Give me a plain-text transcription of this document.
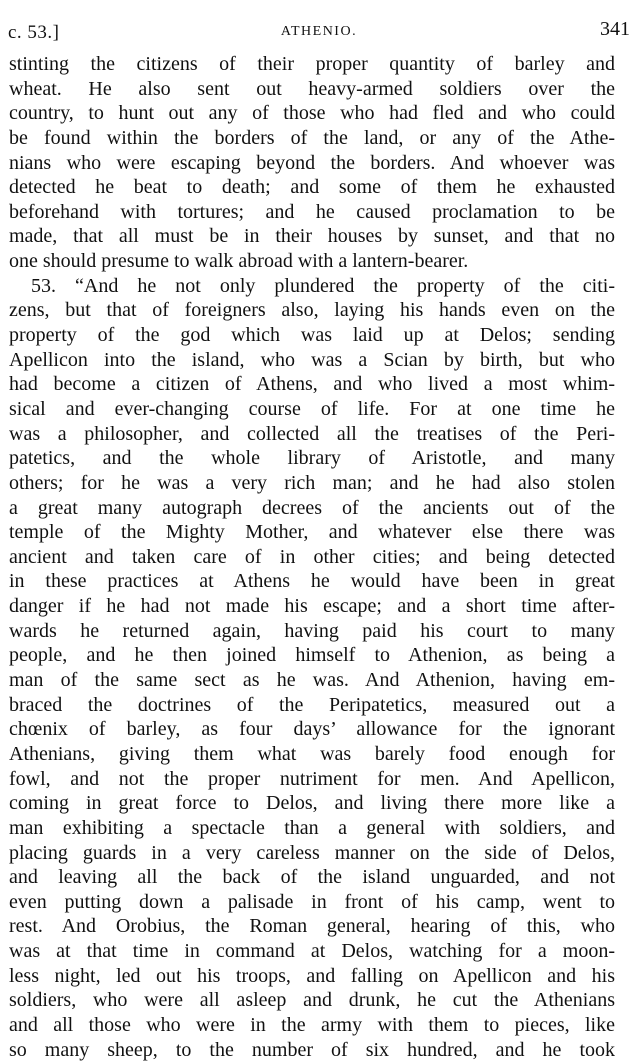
c. 53.]	ATHENIO.	341
stinting the citizens of their proper quantity of barley and
wheat. He also sent out heavy-armed soldiers over the
country, to hunt out any of those who had fled and who could
be found within the borders of the land, or any of the Athe-
nians who were escaping beyond the borders. And whoever was
detected he beat to death; and some of them he exhausted
beforehand with tortures; and he caused proclamation to be
made, that all must be in their houses by sunset, and that no
one should presume to walk abroad with a lantern-bearer.
53. “And he not only plundered the property of the citi-
zens, but that of foreigners also, laying his hands even on the
property of the god which was laid up at Delos; sending
Apellicon into the island, who was a Scian by birth, but who
had become a citizen of Athens, and who lived a most whim-
sical and ever-changing course of life. For at one time he
was a philosopher, and collected all the treatises of the Peri-
patetics, and the whole library of Aristotle, and many
others; for he was a very rich man; and he had also stolen
a great many autograph decrees of the ancients out of the
temple of the Mighty Mother, and whatever else there was
ancient and taken care of in other cities; and being detected
in these practices at Athens he would have been in great
danger if he had not made his escape; and a short time after-
wards he returned again, having paid his court to many
people, and he then joined himself to Athenion, as being a
man of the same sect as he was. And Athenion, having em-
braced the doctrines of the Peripatetics, measured out a
chœnix of barley, as four days’ allowance for the ignorant
Athenians, giving them what was barely food enough for
fowl, and not the proper nutriment for men. And Apellicon,
coming in great force to Delos, and living there more like a
man exhibiting a spectacle than a general with soldiers, and
placing guards in a very careless manner on the side of Delos,
and leaving all the back of the island unguarded, and not
even putting down a palisade in front of his camp, went to
rest. And Orobius, the Roman general, hearing of this, who
was at that time in command at Delos, watching for a moon-
less night, led out his troops, and falling on Apellicon and his
soldiers, who were all asleep and drunk, he cut the Athenians
and all those who were in the army with them to pieces, like
so many sheep, to the number of six hundred, and he took
